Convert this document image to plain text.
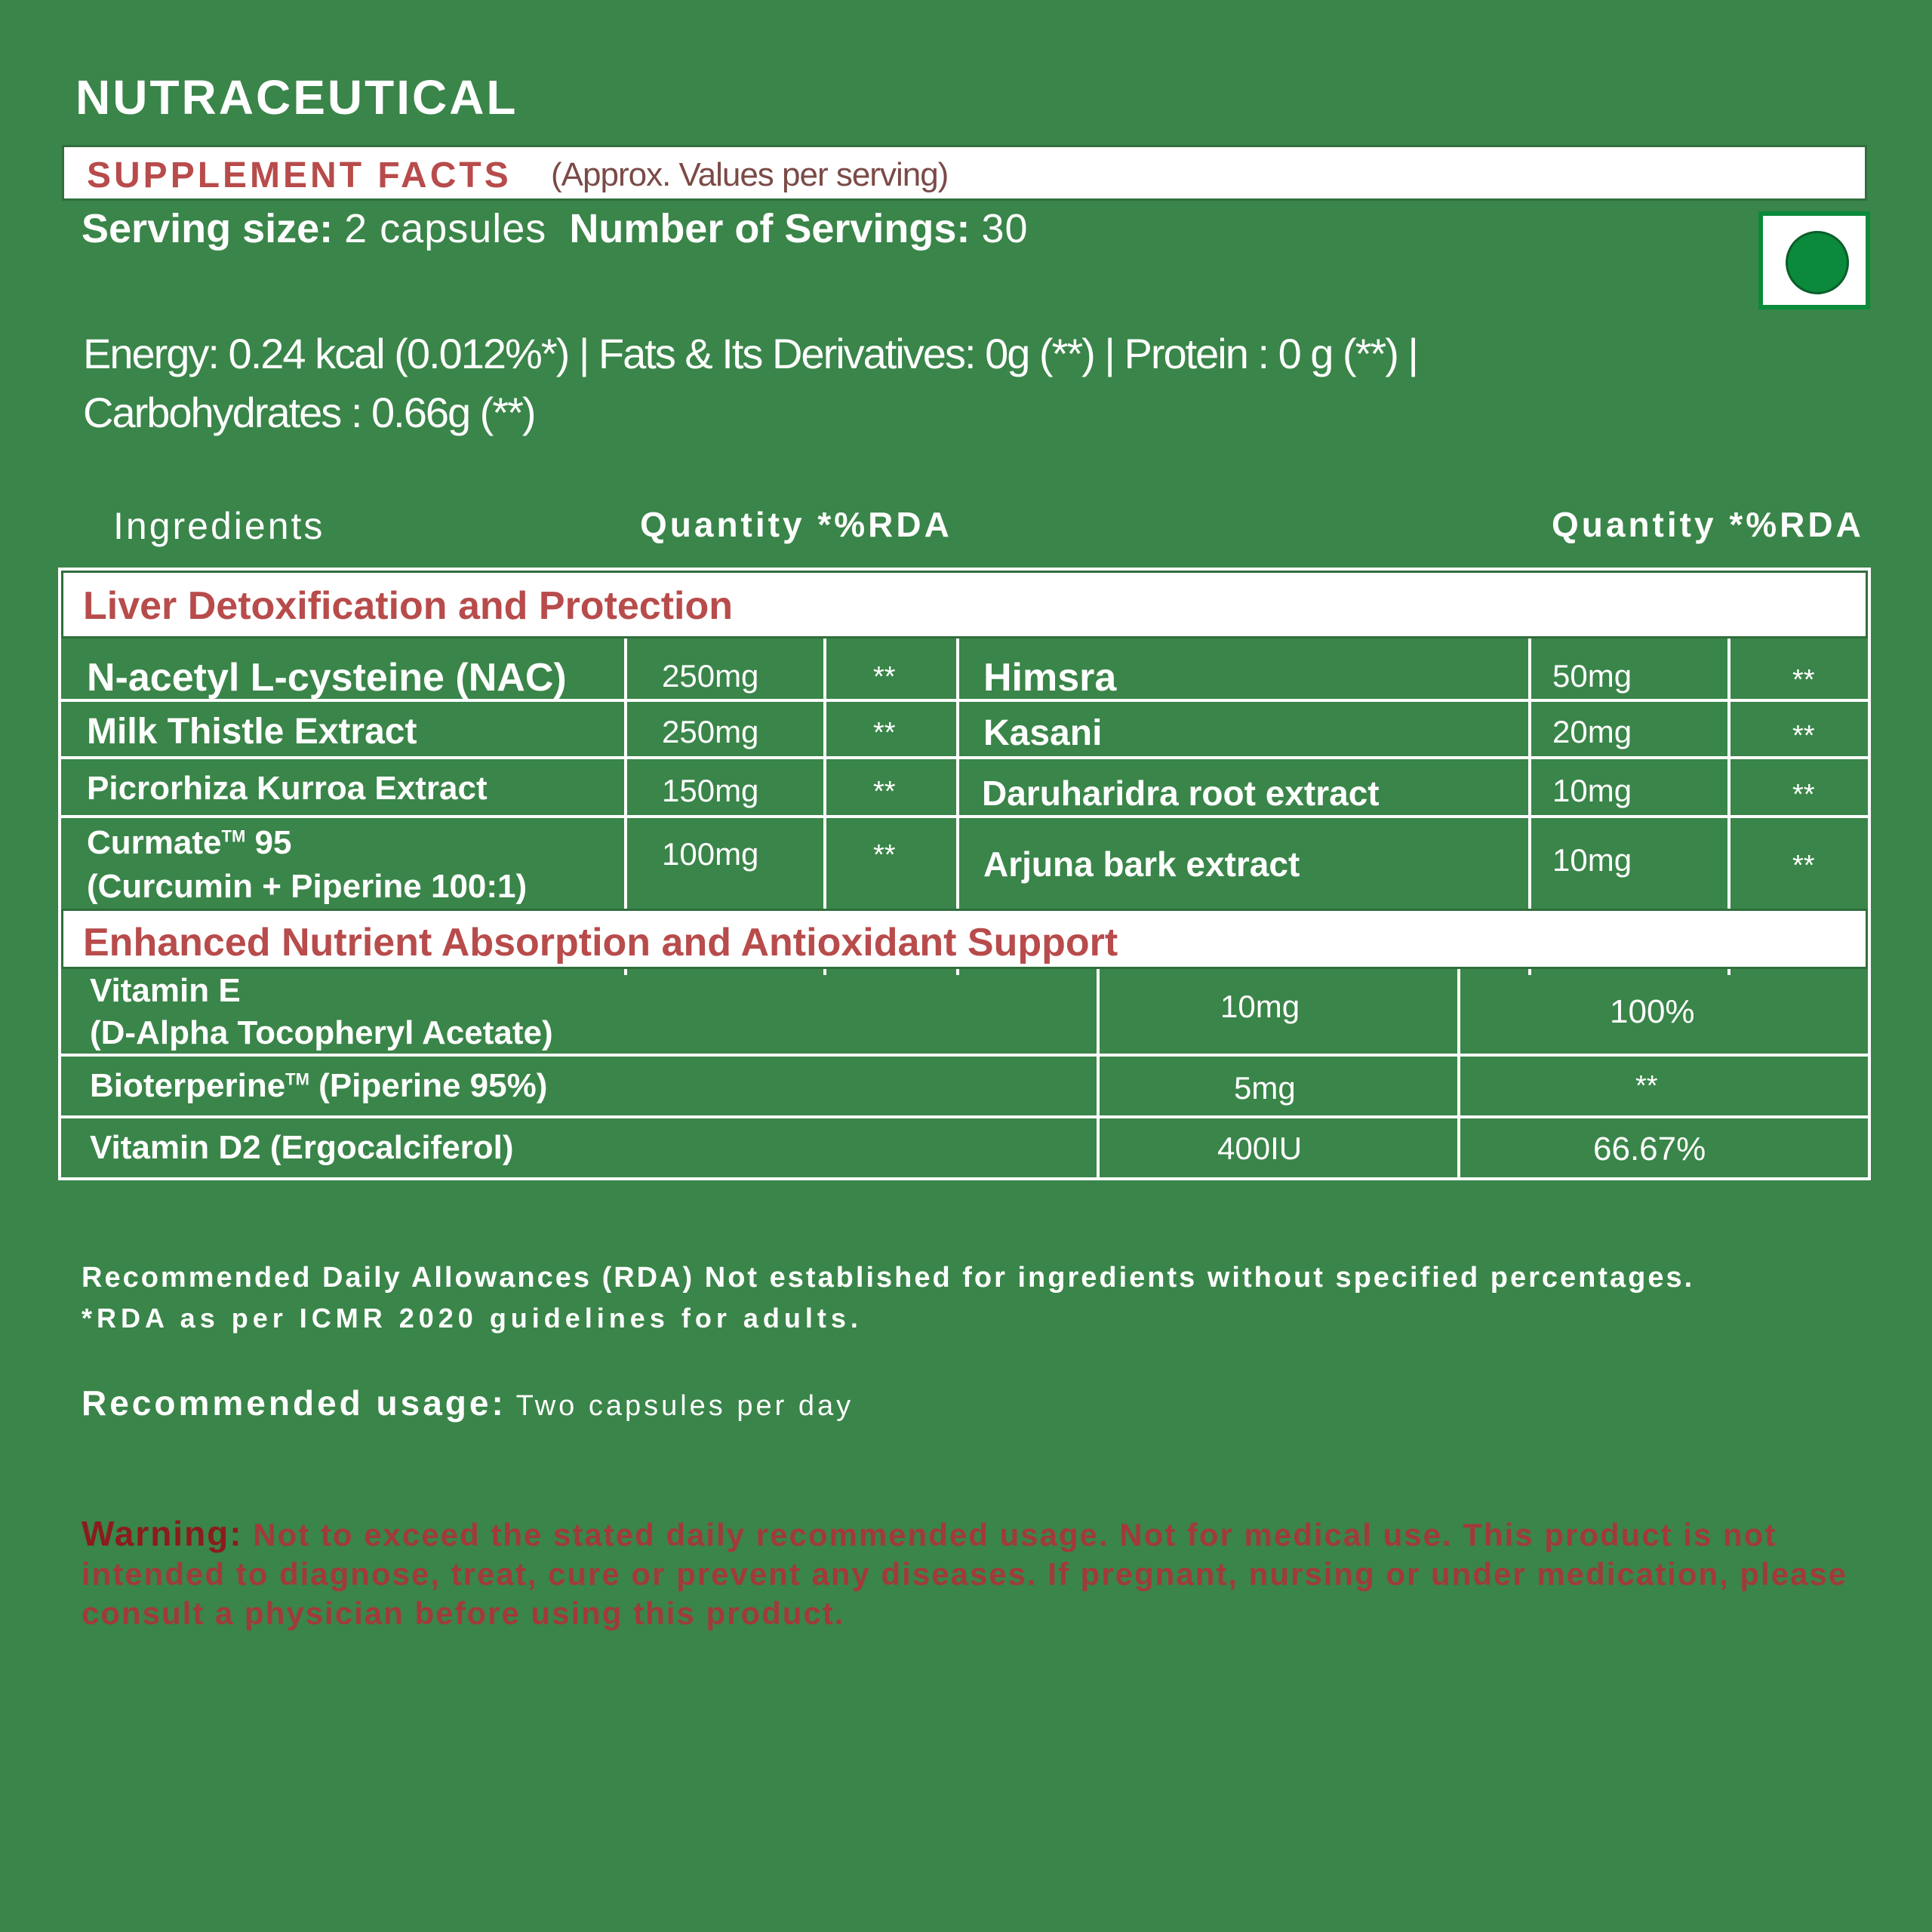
NUTRACEUTICAL
SUPPLEMENT FACTS (Approx. Values per serving)
Serving size: 2 capsules Number of Servings: 30
Energy: 0.24 kcal (0.012%*) | Fats & Its Derivatives: 0g (**) | Protein : 0 g (**) |
Carbohydrates : 0.66g (**)
Ingredients	Quantity *%RDA	Quantity *%RDA
Liver Detoxification and Protection
N-acetyl L-cysteine (NAC)	250mg	** Himsra	50mg	**
Milk Thistle Extract	250mg	** Kasani	20mg	**
Picrorhiza Kurroa Extract	150mg	** Daruharidra root extract	10mg	**
Curmate™ 95
(Curcumin + Piperine 100:1)
100mg	**	Arjuna bark extract	10mg	**
Enhanced Nutrient Absorption and Antioxidant Support
Vitamin E
(D-Alpha Tocopheryl Acetate)
10mg	100%
Bioterperine™ (Piperine 95%)	5mg	**
Vitamin D2 (Ergocalciferol)	400IU	66.67%
Recommended Daily Allowances (RDA) Not established for ingredients without specified percentages.
*RDA as per ICMR 2020 guidelines for adults.
Recommended usage: Two capsules per day
Warning: Not to exceed the stated daily recommended usage. Not for medical use. This product is not intended to diagnose, treat, cure or prevent any diseases. If pregnant, nursing or under medication, please consult a physician before using this product.
